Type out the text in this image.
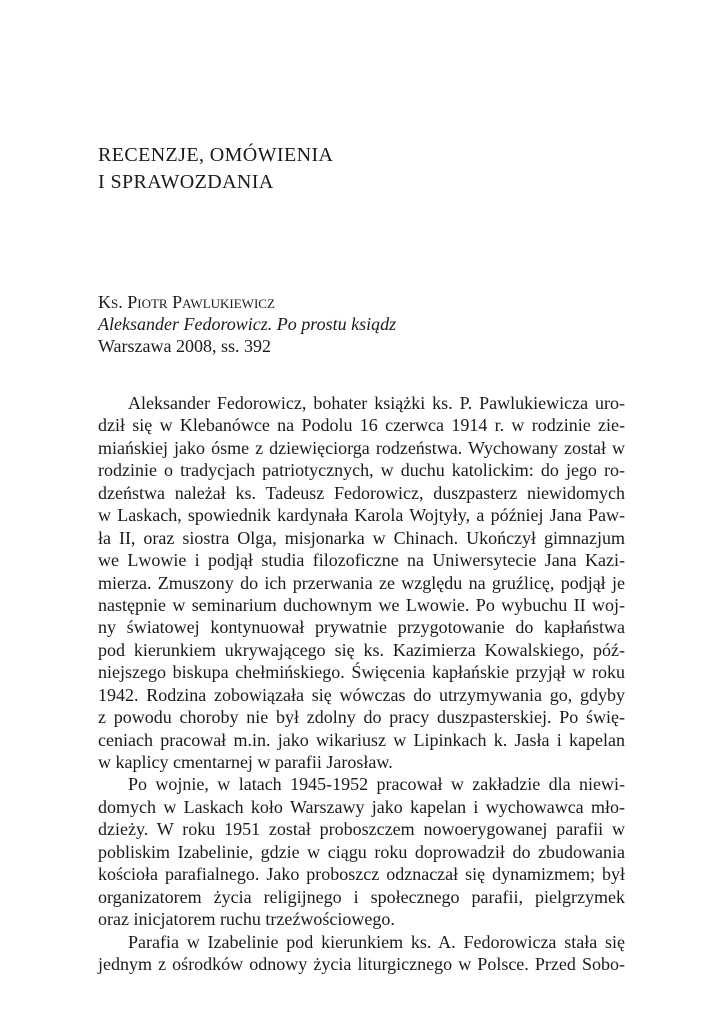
RECENZJE, OMÓWIENIA
I SPRAWOZDANIA
Ks. Piotr Pawlukiewicz
Aleksander Fedorowicz. Po prostu ksiądz
Warszawa 2008, ss. 392
Aleksander Fedorowicz, bohater książki ks. P. Pawlukiewicza uro-
dził się w Klebanówce na Podolu 16 czerwca 1914 r. w rodzinie zie-
miańskiej jako ósme z dziewięciorga rodzeństwa. Wychowany został w
rodzinie o tradycjach patriotycznych, w duchu katolickim: do jego ro-
dzeństwa należał ks. Tadeusz Fedorowicz, duszpasterz niewidomych
w Laskach, spowiednik kardynała Karola Wojtyły, a później Jana Paw-
ła II, oraz siostra Olga, misjonarka w Chinach. Ukończył gimnazjum
we Lwowie i podjął studia filozoficzne na Uniwersytecie Jana Kazi-
mierza. Zmuszony do ich przerwania ze względu na gruźlicę, podjął je
następnie w seminarium duchownym we Lwowie. Po wybuchu II woj-
ny światowej kontynuował prywatnie przygotowanie do kapłaństwa
pod kierunkiem ukrywającego się ks. Kazimierza Kowalskiego, póź-
niejszego biskupa chełmińskiego. Święcenia kapłańskie przyjął w roku
1942. Rodzina zobowiązała się wówczas do utrzymywania go, gdyby
z powodu choroby nie był zdolny do pracy duszpasterskiej. Po świę-
ceniach pracował m.in. jako wikariusz w Lipinkach k. Jasła i kapelan
w kaplicy cmentarnej w parafii Jarosław.
Po wojnie, w latach 1945-1952 pracował w zakładzie dla niewi-
domych w Laskach koło Warszawy jako kapelan i wychowawca mło-
dzieży. W roku 1951 został proboszczem nowoerygowanej parafii w
pobliskim Izabelinie, gdzie w ciągu roku doprowadził do zbudowania
kościoła parafialnego. Jako proboszcz odznaczał się dynamizmem; był
organizatorem życia religijnego i społecznego parafii, pielgrzymek
oraz inicjatorem ruchu trzeźwościowego.
Parafia w Izabelinie pod kierunkiem ks. A. Fedorowicza stała się
jednym z ośrodków odnowy życia liturgicznego w Polsce. Przed Sobo-
